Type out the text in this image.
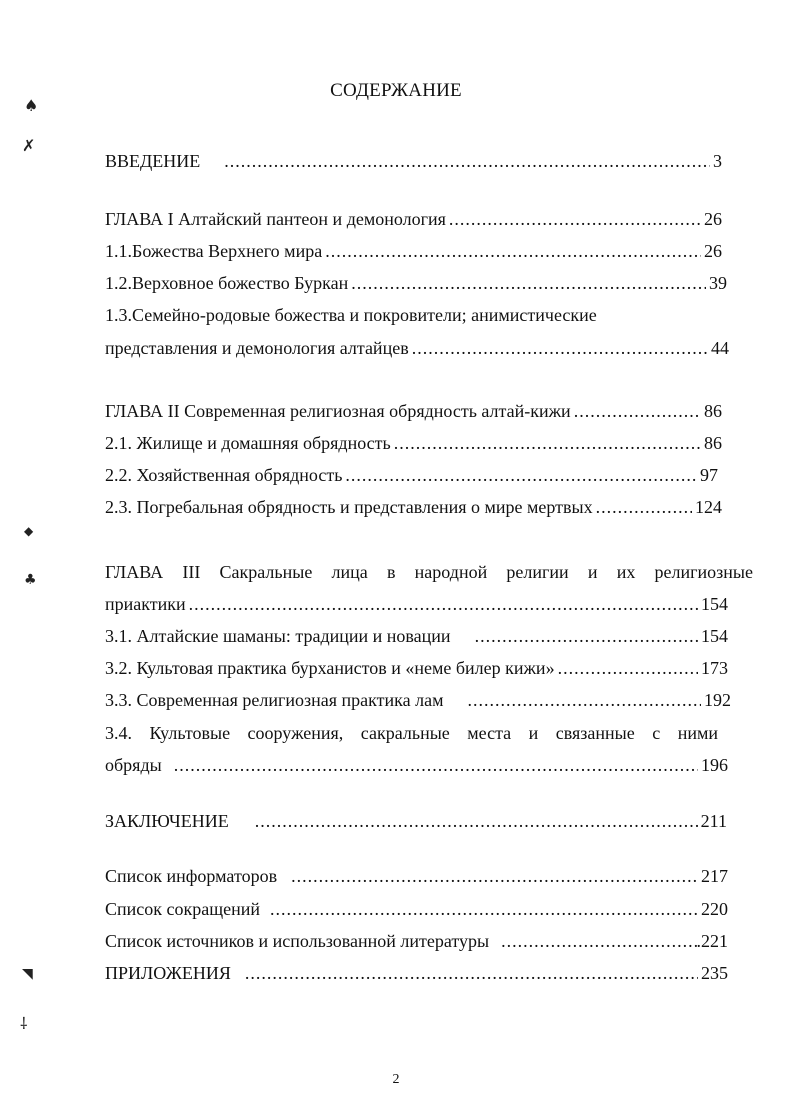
СОДЕРЖАНИЕ
ВВЕДЕНИЕ .....	3
ГЛАВА I Алтайский пантеон и демонология .....	26
1.1.Божества Верхнего мира .....	26
1.2.Верховное божество Буркан .....	39
1.3.Семейно-родовые божества и покровители; анимистические
представления и демонология алтайцев .....	44
ГЛАВА II Современная религиозная обрядность алтай-кижи .....	86
2.1. Жилище и домашняя обрядность .....	86
2.2. Хозяйственная обрядность .....	97
2.3. Погребальная обрядность и представления о мире мертвых .....	124
ГЛАВА III Сакральные лица в народной религии и их религиозные
приактики .....	154
3.1. Алтайские шаманы: традиции и новации .....	154
3.2. Культовая практика бурханистов и «неме билер кижи» .....	173
3.3. Современная религиозная практика лам .....	192
3.4. Культовые сооружения, сакральные места и связанные с ними
обряды .....	196
ЗАКЛЮЧЕНИЕ .....	211
Список информаторов .....	217
Список сокращений .....	220
Список источников и использованной литературы .....	.221
ПРИЛОЖЕНИЯ .....	235
2
♠
✗
◆
♣
◥
⸸
